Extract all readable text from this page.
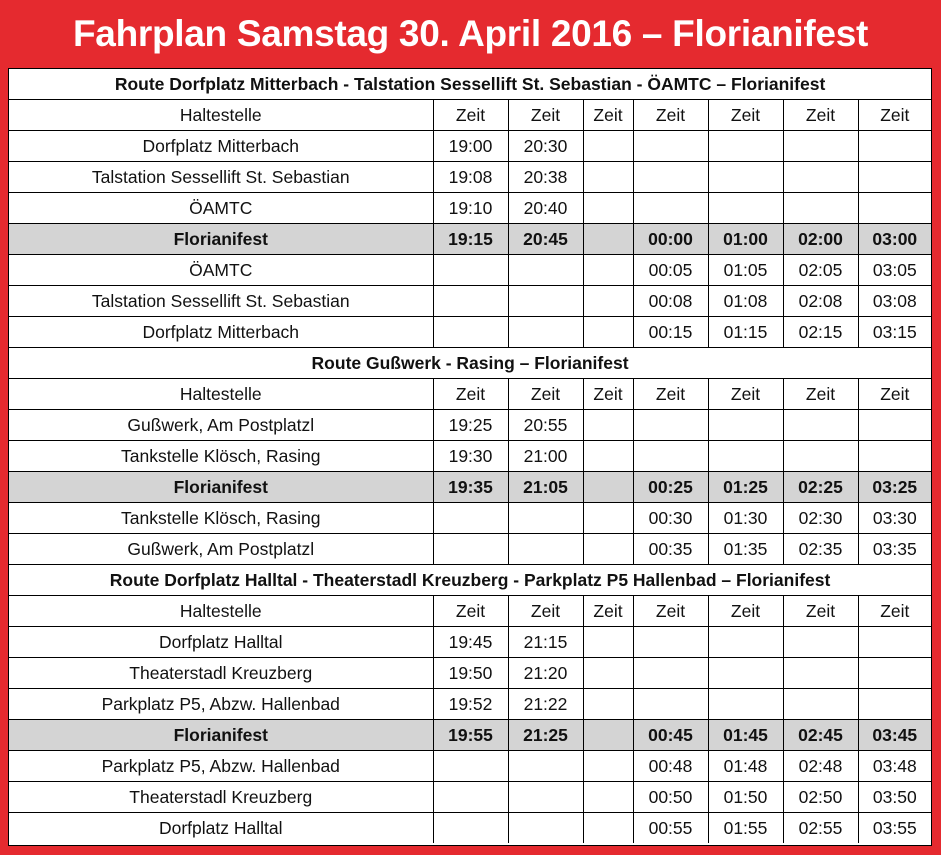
Fahrplan Samstag 30. April 2016 – Florianifest
Route Dorfplatz Mitterbach - Talstation Sessellift St. Sebastian - ÖAMTC – Florianifest							
Haltestelle	Zeit	Zeit	Zeit	Zeit	Zeit	Zeit	Zeit
Dorfplatz Mitterbach	19:00	20:30					
Talstation Sessellift St. Sebastian	19:08	20:38					
ÖAMTC	19:10	20:40					
Florianifest	19:15	20:45		00:00	01:00	02:00	03:00
ÖAMTC				00:05	01:05	02:05	03:05
Talstation Sessellift St. Sebastian				00:08	01:08	02:08	03:08
Dorfplatz Mitterbach				00:15	01:15	02:15	03:15
Route Gußwerk - Rasing – Florianifest							
Haltestelle	Zeit	Zeit	Zeit	Zeit	Zeit	Zeit	Zeit
Gußwerk, Am Postplatzl	19:25	20:55					
Tankstelle Klösch, Rasing	19:30	21:00					
Florianifest	19:35	21:05		00:25	01:25	02:25	03:25
Tankstelle Klösch, Rasing				00:30	01:30	02:30	03:30
Gußwerk, Am Postplatzl				00:35	01:35	02:35	03:35
Route Dorfplatz Halltal - Theaterstadl Kreuzberg - Parkplatz P5 Hallenbad – Florianifest							
Haltestelle	Zeit	Zeit	Zeit	Zeit	Zeit	Zeit	Zeit
Dorfplatz Halltal	19:45	21:15					
Theaterstadl Kreuzberg	19:50	21:20					
Parkplatz P5, Abzw. Hallenbad	19:52	21:22					
Florianifest	19:55	21:25		00:45	01:45	02:45	03:45
Parkplatz P5, Abzw. Hallenbad				00:48	01:48	02:48	03:48
Theaterstadl Kreuzberg				00:50	01:50	02:50	03:50
Dorfplatz Halltal				00:55	01:55	02:55	03:55
